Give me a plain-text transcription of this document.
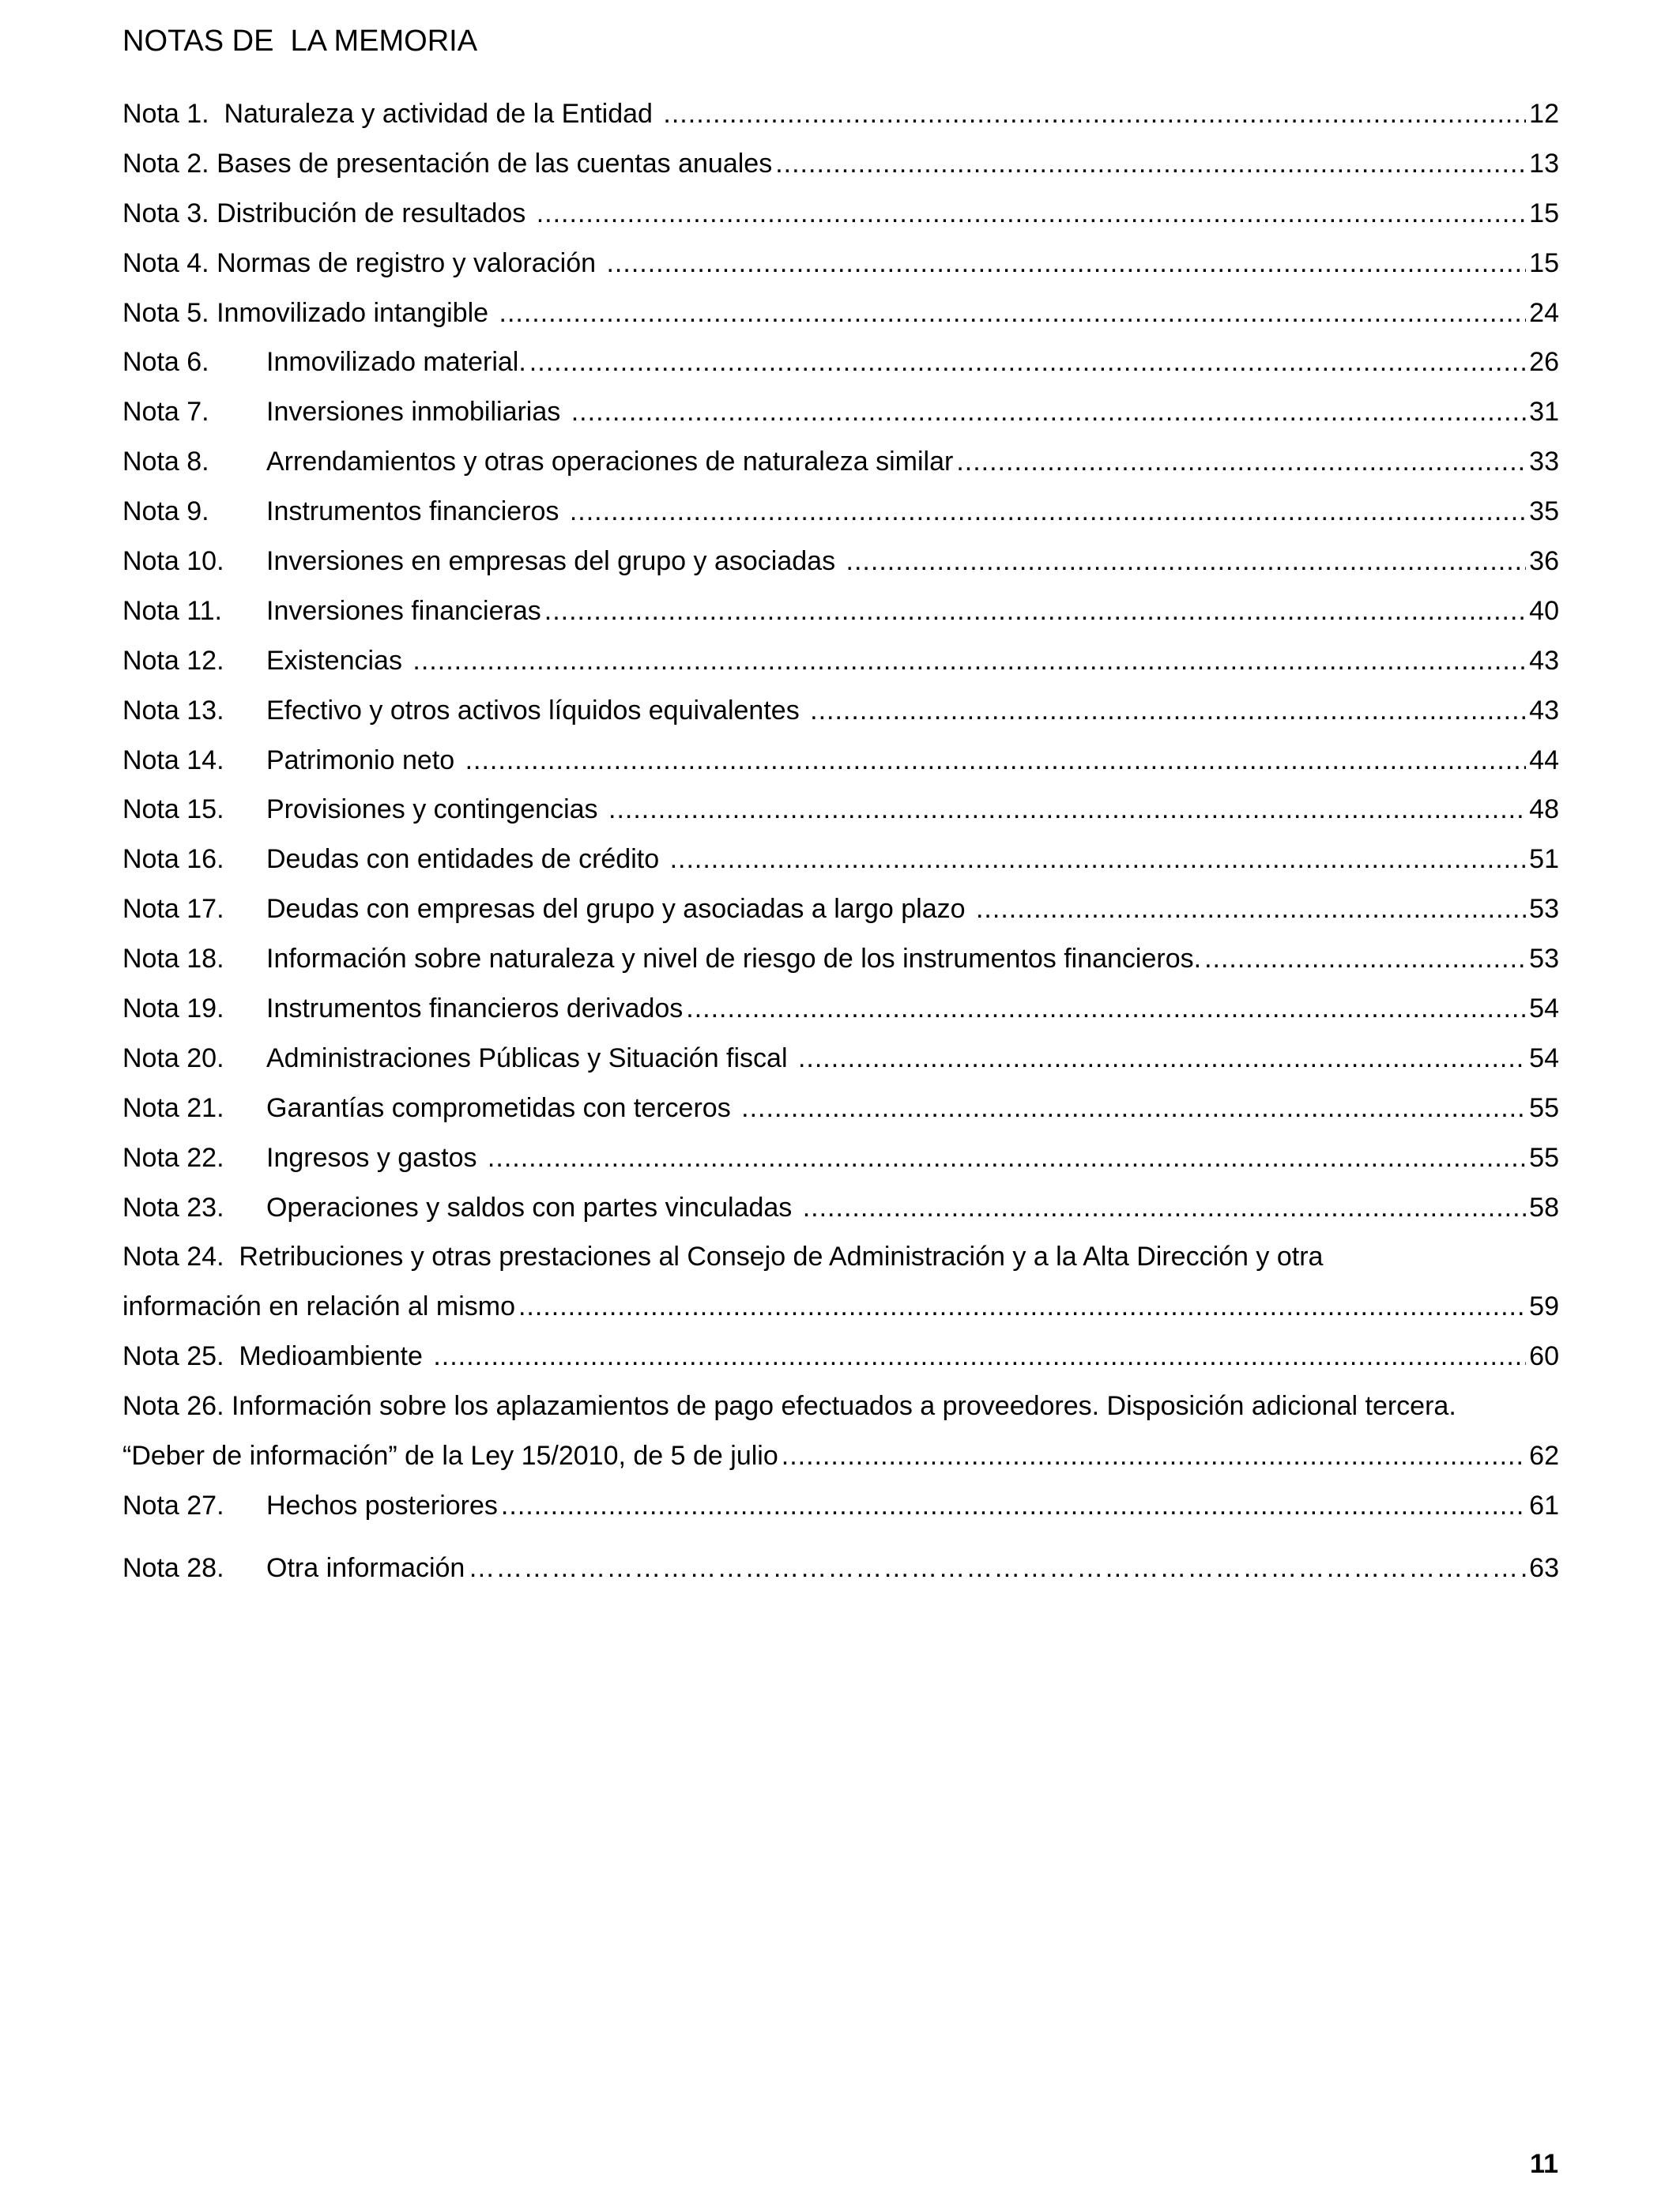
NOTAS DE  LA MEMORIA
Nota 1.  Naturaleza y actividad de la Entidad .....	12
Nota 2. Bases de presentación de las cuentas anuales .....	13
Nota 3. Distribución de resultados .....	15
Nota 4. Normas de registro y valoración .....	15
Nota 5. Inmovilizado intangible .....	24
Nota 6.	Inmovilizado material. .....	26
Nota 7.	Inversiones inmobiliarias .....	31
Nota 8.	Arrendamientos y otras operaciones de naturaleza similar .....	33
Nota 9.	Instrumentos financieros .....	35
Nota 10.	Inversiones en empresas del grupo y asociadas .....	36
Nota 11.	Inversiones financieras .....	40
Nota 12.	Existencias .....	43
Nota 13.	Efectivo y otros activos líquidos equivalentes .....	43
Nota 14.	Patrimonio neto .....	44
Nota 15.	Provisiones y contingencias .....	48
Nota 16.	Deudas con entidades de crédito .....	51
Nota 17.	Deudas con empresas del grupo y asociadas a largo plazo .....	53
Nota 18.	Información sobre naturaleza y nivel de riesgo de los instrumentos financieros. .....	53
Nota 19.	Instrumentos financieros derivados .....	54
Nota 20.	Administraciones Públicas y Situación fiscal .....	54
Nota 21.	Garantías comprometidas con terceros .....	55
Nota 22.	Ingresos y gastos .....	55
Nota 23.	Operaciones y saldos con partes vinculadas .....	58
Nota 24.  Retribuciones y otras prestaciones al Consejo de Administración y a la Alta Dirección y otra
información en relación al mismo .....	59
Nota 25.  Medioambiente .....	60
Nota 26. Información sobre los aplazamientos de pago efectuados a proveedores. Disposición adicional tercera.
“Deber de información” de la Ley 15/2010, de 5 de julio .....	62
Nota 27.	Hechos posteriores .....	61
Nota 28.	Otra información ………………………………………………………………………………………………………………………………………………………………………………………………	63
11
